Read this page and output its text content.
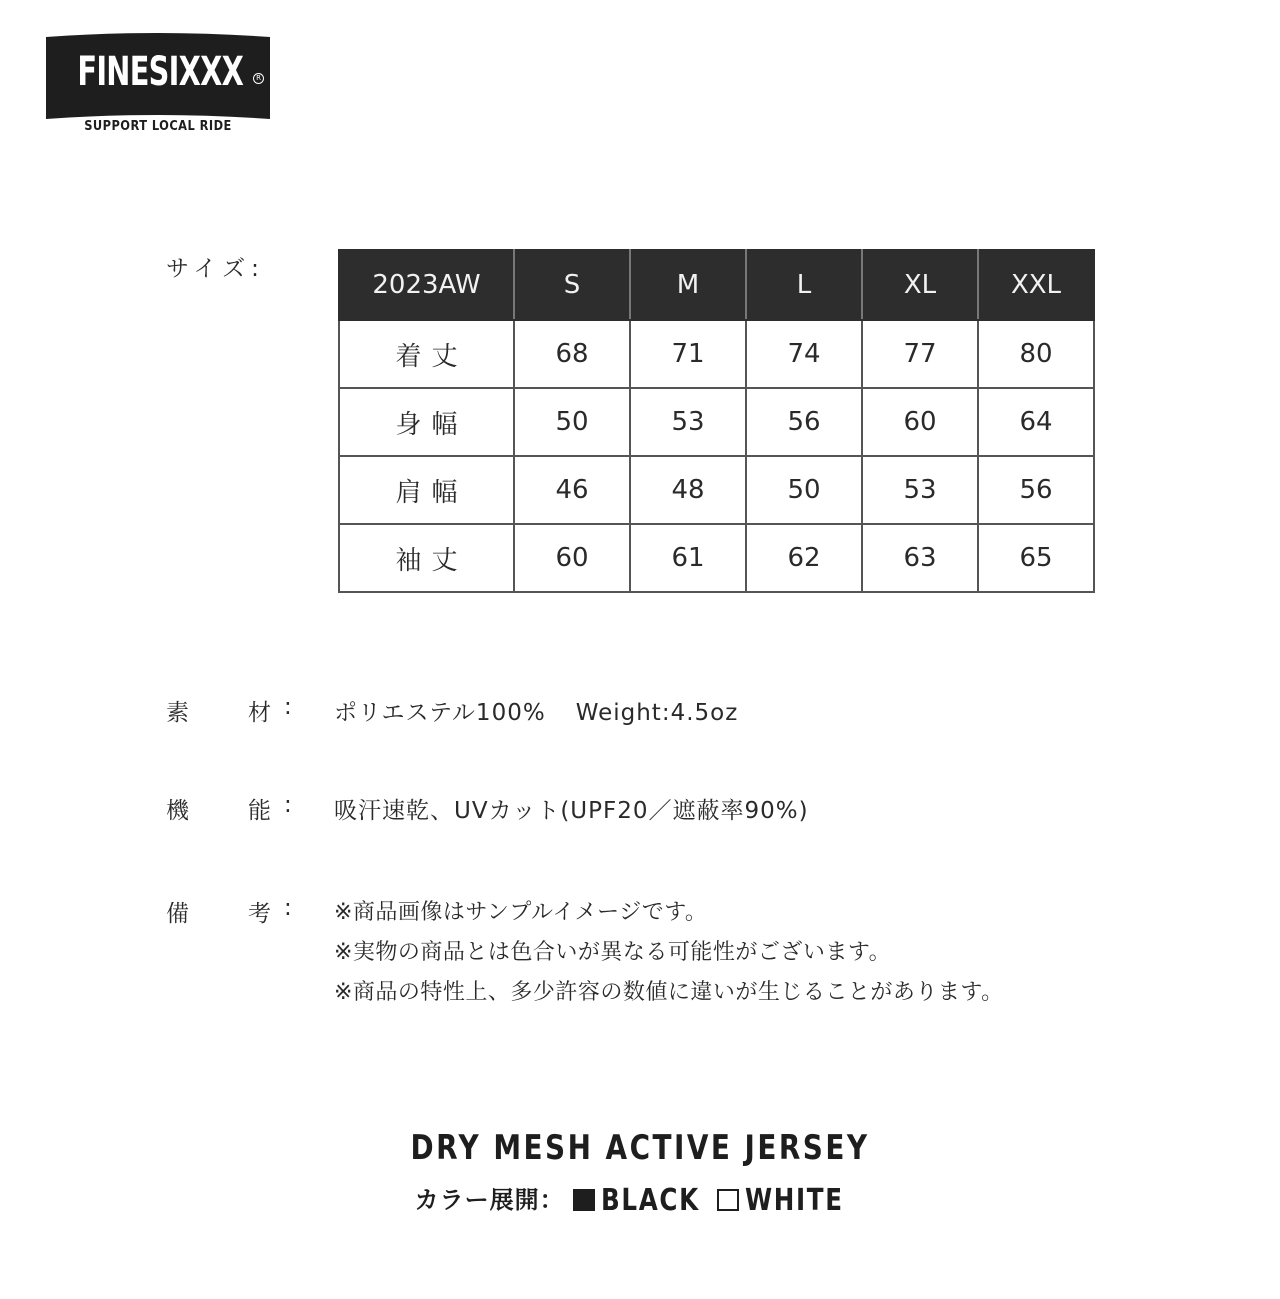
FINESIXXX	R
SUPPORT LOCAL RIDE
サイズ:
2023AW	S	M	L	XL	XXL
着丈	68	71	74	77	80
身幅	50	53	56	60	64
肩幅	46	48	50	53	56
袖丈	60	61	62	63	65
素	材 : ポリエステル100% Weight:4.5oz
機	能 : 吸汗速乾、UVカット(UPF20／遮蔽率90%)
備	考 : ※商品画像はサンプルイメージです。
※実物の商品とは色合いが異なる可能性がございます。
※商品の特性上、多少許容の数値に違いが生じることがあります。
DRY MESH ACTIVE JERSEY
カラー展開： BLACK WHITE
